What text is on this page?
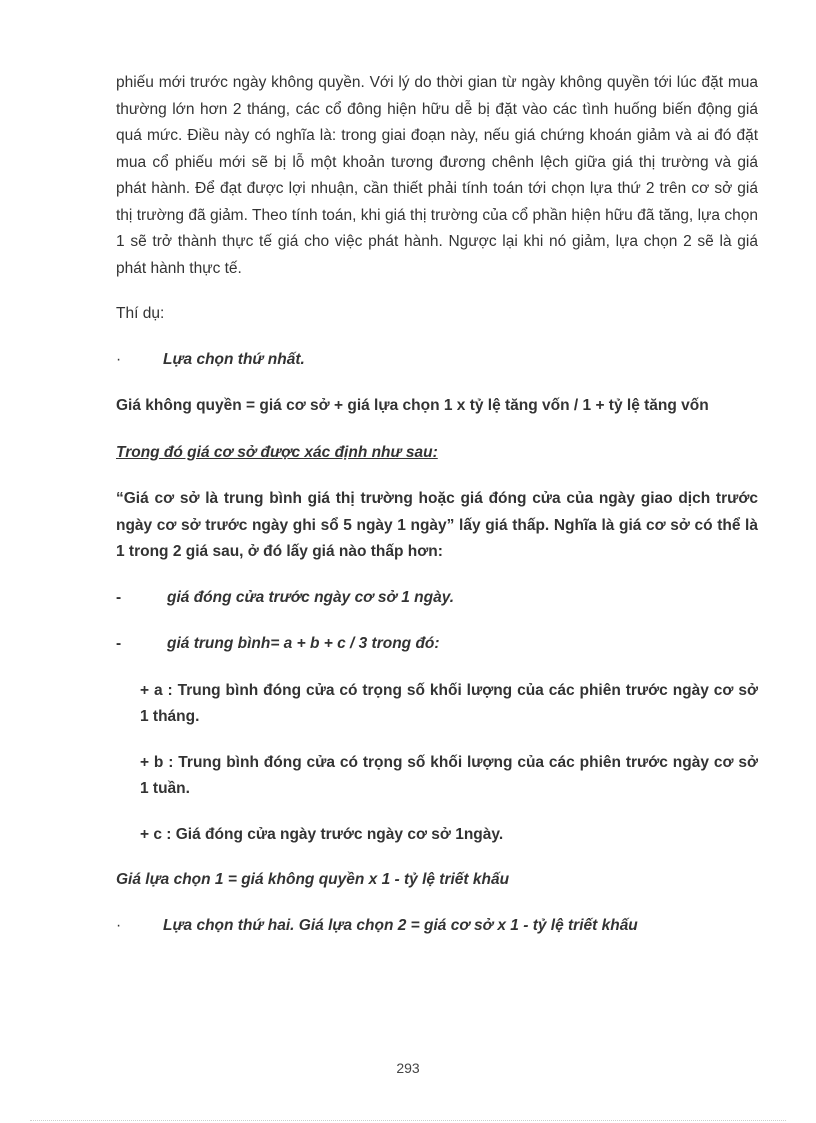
phiếu mới trước ngày không quyền. Với lý do thời gian từ ngày không quyền tới lúc đặt mua thường lớn hơn 2 tháng, các cổ đông hiện hữu dễ bị đặt vào các tình huống biến động giá quá mức. Điều này có nghĩa là: trong giai đoạn này, nếu giá chứng khoán giảm và ai đó đặt mua cổ phiếu mới sẽ bị lỗ một khoản tương đương chênh lệch giữa giá thị trường và giá phát hành. Để đạt được lợi nhuận, cần thiết phải tính toán tới chọn lựa thứ 2 trên cơ sở giá thị trường đã giảm. Theo tính toán, khi giá thị trường của cổ phần hiện hữu đã tăng, lựa chọn 1 sẽ trở thành thực tế giá cho việc phát hành. Ngược lại khi nó giảm, lựa chọn 2 sẽ là giá phát hành thực tế.

Thí dụ:

·	Lựa chọn thứ nhất.

Giá không quyền = giá cơ sở + giá lựa chọn 1 x tỷ lệ tăng vốn / 1 + tỷ lệ tăng vốn

Trong đó giá cơ sở được xác định như sau:

“Giá cơ sở là trung bình giá thị trường hoặc giá đóng cửa của ngày giao dịch trước ngày cơ sở trước ngày ghi sổ 5 ngày 1 ngày” lấy giá thấp. Nghĩa là giá cơ sở có thể là 1 trong 2 giá sau, ở đó lấy giá nào thấp hơn:

-	giá đóng cửa trước ngày cơ sở 1 ngày.
-	giá trung bình= a + b + c / 3 trong đó:

+ a : Trung bình đóng cửa có trọng số khối lượng của các phiên trước ngày cơ sở 1 tháng.

+ b : Trung bình đóng cửa có trọng số khối lượng của các phiên trước ngày cơ sở 1 tuần.

+ c : Giá đóng cửa ngày trước ngày cơ sở 1ngày.

Giá lựa chọn 1 = giá không quyền x 1 - tỷ lệ triết khấu

·	Lựa chọn thứ hai. Giá lựa chọn 2 = giá cơ sở x 1 - tỷ lệ triết khấu
293
